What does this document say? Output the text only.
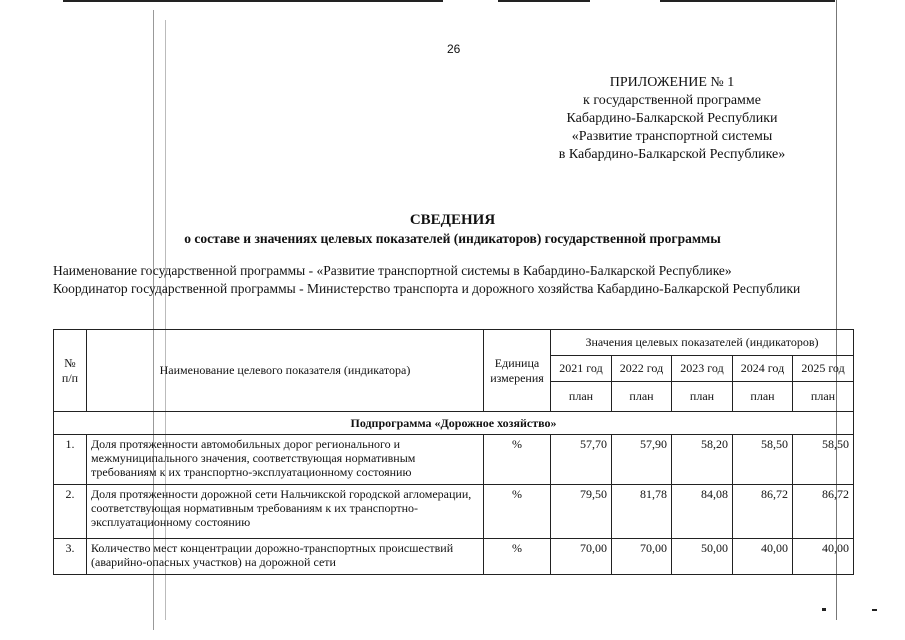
26
ПРИЛОЖЕНИЕ № 1
к государственной программе
Кабардино-Балкарской Республики
«Развитие транспортной системы
в Кабардино-Балкарской Республике»
СВЕДЕНИЯ
о составе и значениях целевых показателей (индикаторов) государственной программы
Наименование государственной программы - «Развитие транспортной системы в Кабардино-Балкарской Республике»
Координатор государственной программы - Министерство транспорта и дорожного хозяйства Кабардино-Балкарской Республики
№ п/п	Наименование целевого показателя (индикатора)	Единица измерения	Значения целевых показателей (индикаторов)				
			2021 год	2022 год	2023 год	2024 год	2025 год
			план	план	план	план	план
Подпрограмма «Дорожное хозяйство»							
1.	Доля протяженности автомобильных дорог регионального и межмуниципального значения, соответствующая нормативным требованиям к их транспортно-эксплуатационному состоянию	%	57,70	57,90	58,20	58,50	58,50
2.	Доля протяженности дорожной сети Нальчикской городской агломерации, соответствующая нормативным требованиям к их транспортно-эксплуатационному состоянию	%	79,50	81,78	84,08	86,72	86,72
3.	Количество мест концентрации дорожно-транспортных происшествий (аварийно-опасных участков) на дорожной сети	%	70,00	70,00	50,00	40,00	40,00
